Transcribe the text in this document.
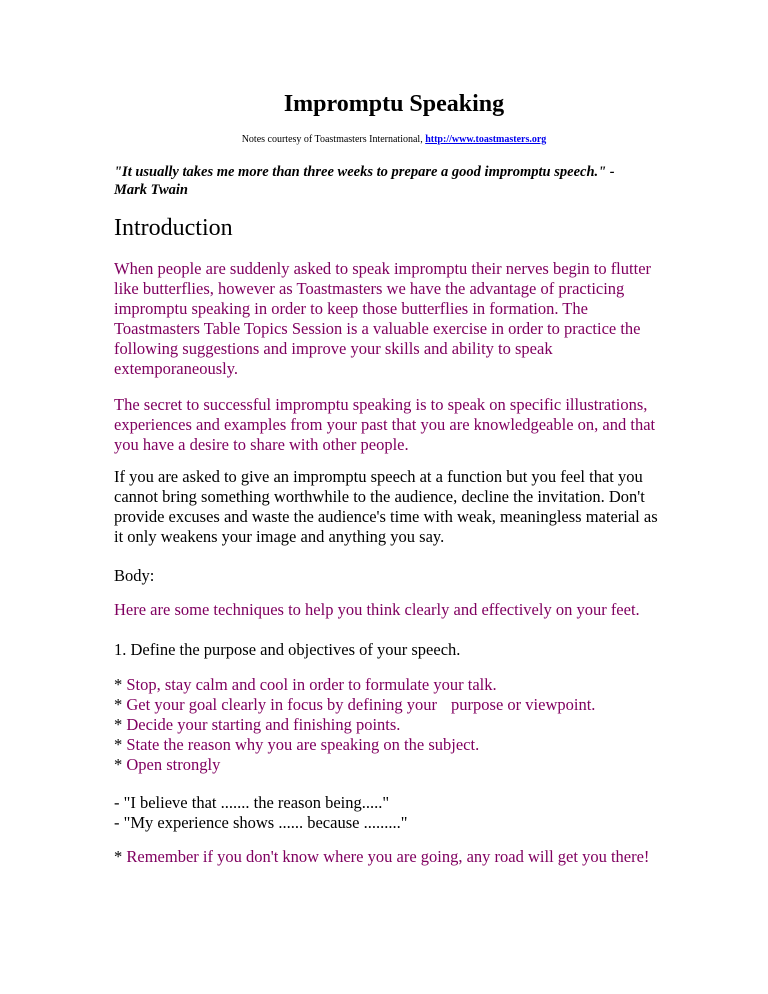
Impromptu Speaking
Notes courtesy of Toastmasters International, http://www.toastmasters.org
"It usually takes me more than three weeks to prepare a good impromptu speech." -
Mark Twain
Introduction

When people are suddenly asked to speak impromptu their nerves begin to flutter like butterflies, however as Toastmasters we have the advantage of practicing impromptu speaking in order to keep those butterflies in formation. The Toastmasters Table Topics Session is a valuable exercise in order to practice the following suggestions and improve your skills and ability to speak extemporaneously.

The secret to successful impromptu speaking is to speak on specific illustrations, experiences and examples from your past that you are knowledgeable on, and that you have a desire to share with other people.

If you are asked to give an impromptu speech at a function but you feel that you cannot bring something worthwhile to the audience, decline the invitation. Don't provide excuses and waste the audience's time with weak, meaningless material as it only weakens your image and anything you say.

Body:

Here are some techniques to help you think clearly and effectively on your feet.

1. Define the purpose and objectives of your speech.

* Stop, stay calm and cool in order to formulate your talk.
* Get your goal clearly in focus by defining your purpose or viewpoint.
* Decide your starting and finishing points.
* State the reason why you are speaking on the subject.
* Open strongly
- "I believe that ....... the reason being....."
- "My experience shows ...... because ........."

* Remember if you don't know where you are going, any road will get you there!
